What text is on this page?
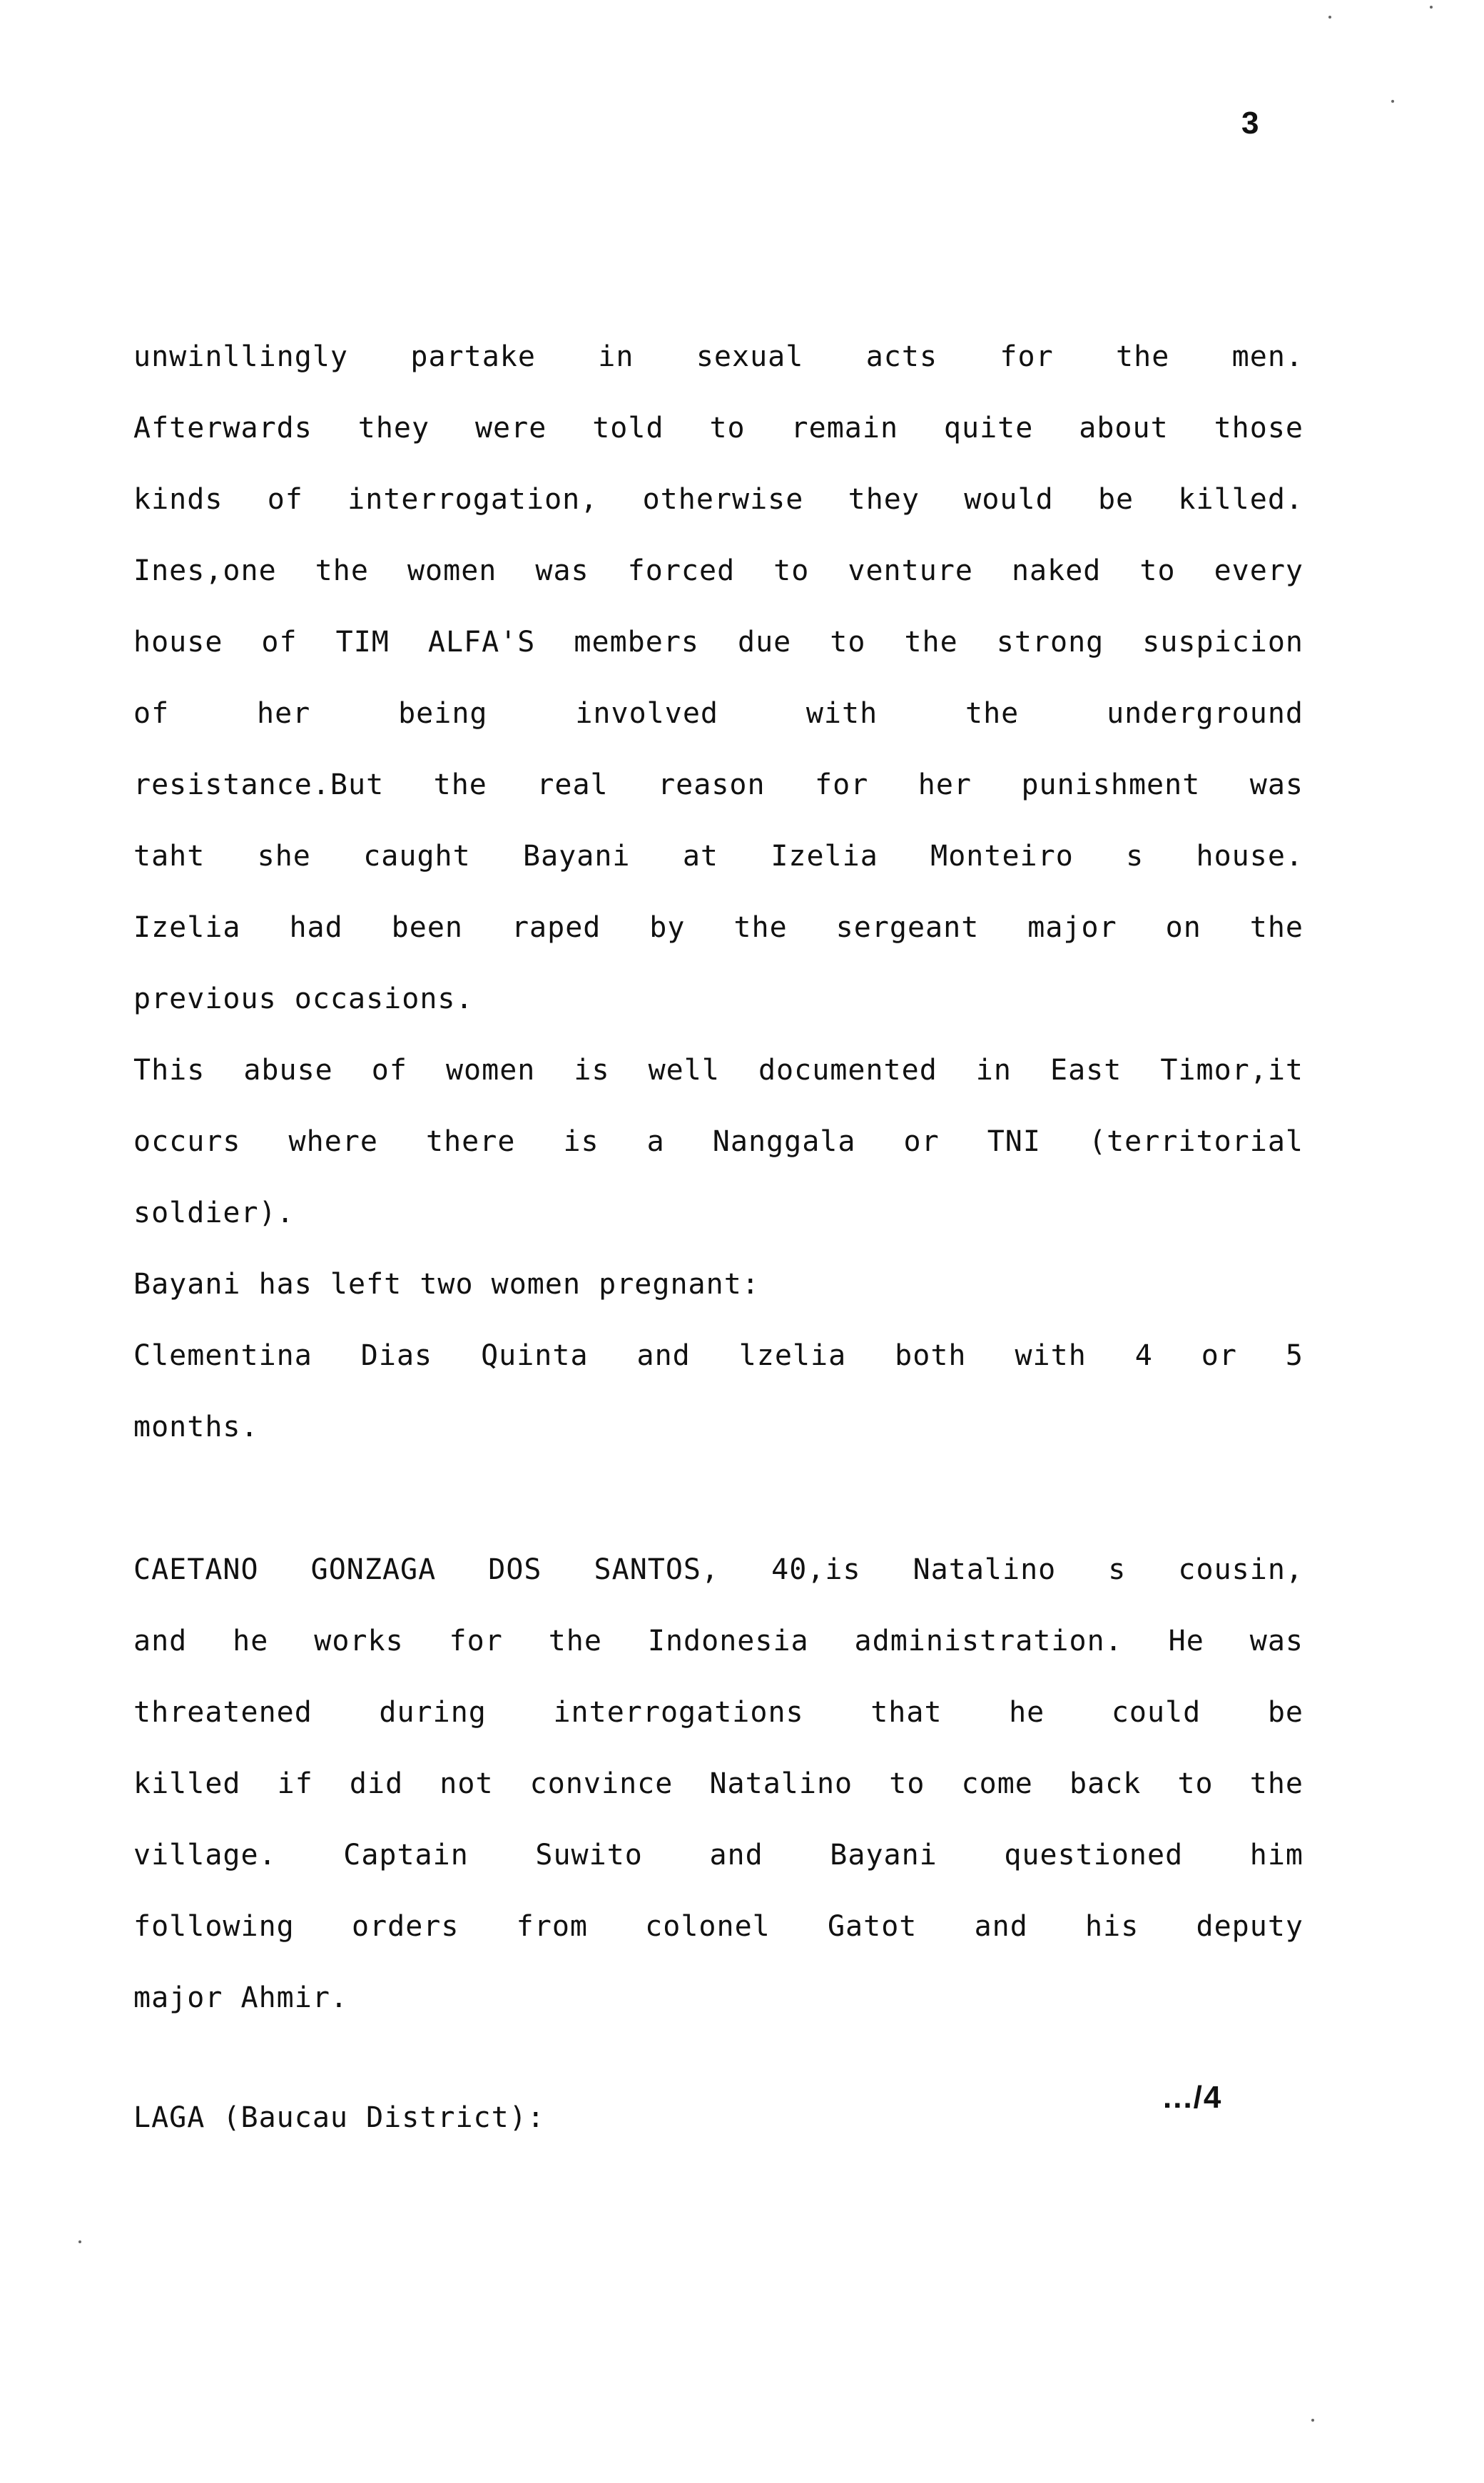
3
unwinllingly partake in sexual acts for the men.
Afterwards they were told to remain quite about those
kinds of interrogation, otherwise they would be killed.
Ines,one the women was forced to venture naked to every
house of TIM ALFA'S members due to the strong suspicion
of her being involved with the underground
resistance.But the real reason for her punishment was
taht she caught Bayani at Izelia Monteiro s house.
Izelia had been raped by the sergeant major on the
previous occasions.
This abuse of women is well documented in East Timor,it
occurs where there is a Nanggala or TNI (territorial
soldier).
Bayani has left two women pregnant:
Clementina Dias Quinta and lzelia both with 4 or 5
months.
CAETANO GONZAGA DOS SANTOS, 40,is Natalino s cousin,
and he works for the Indonesia administration. He was
threatened during interrogations that he could be
killed if did not convince Natalino to come back to the
village. Captain Suwito and Bayani questioned him
following orders from colonel Gatot and his deputy
major Ahmir.
.../4
LAGA (Baucau District):
